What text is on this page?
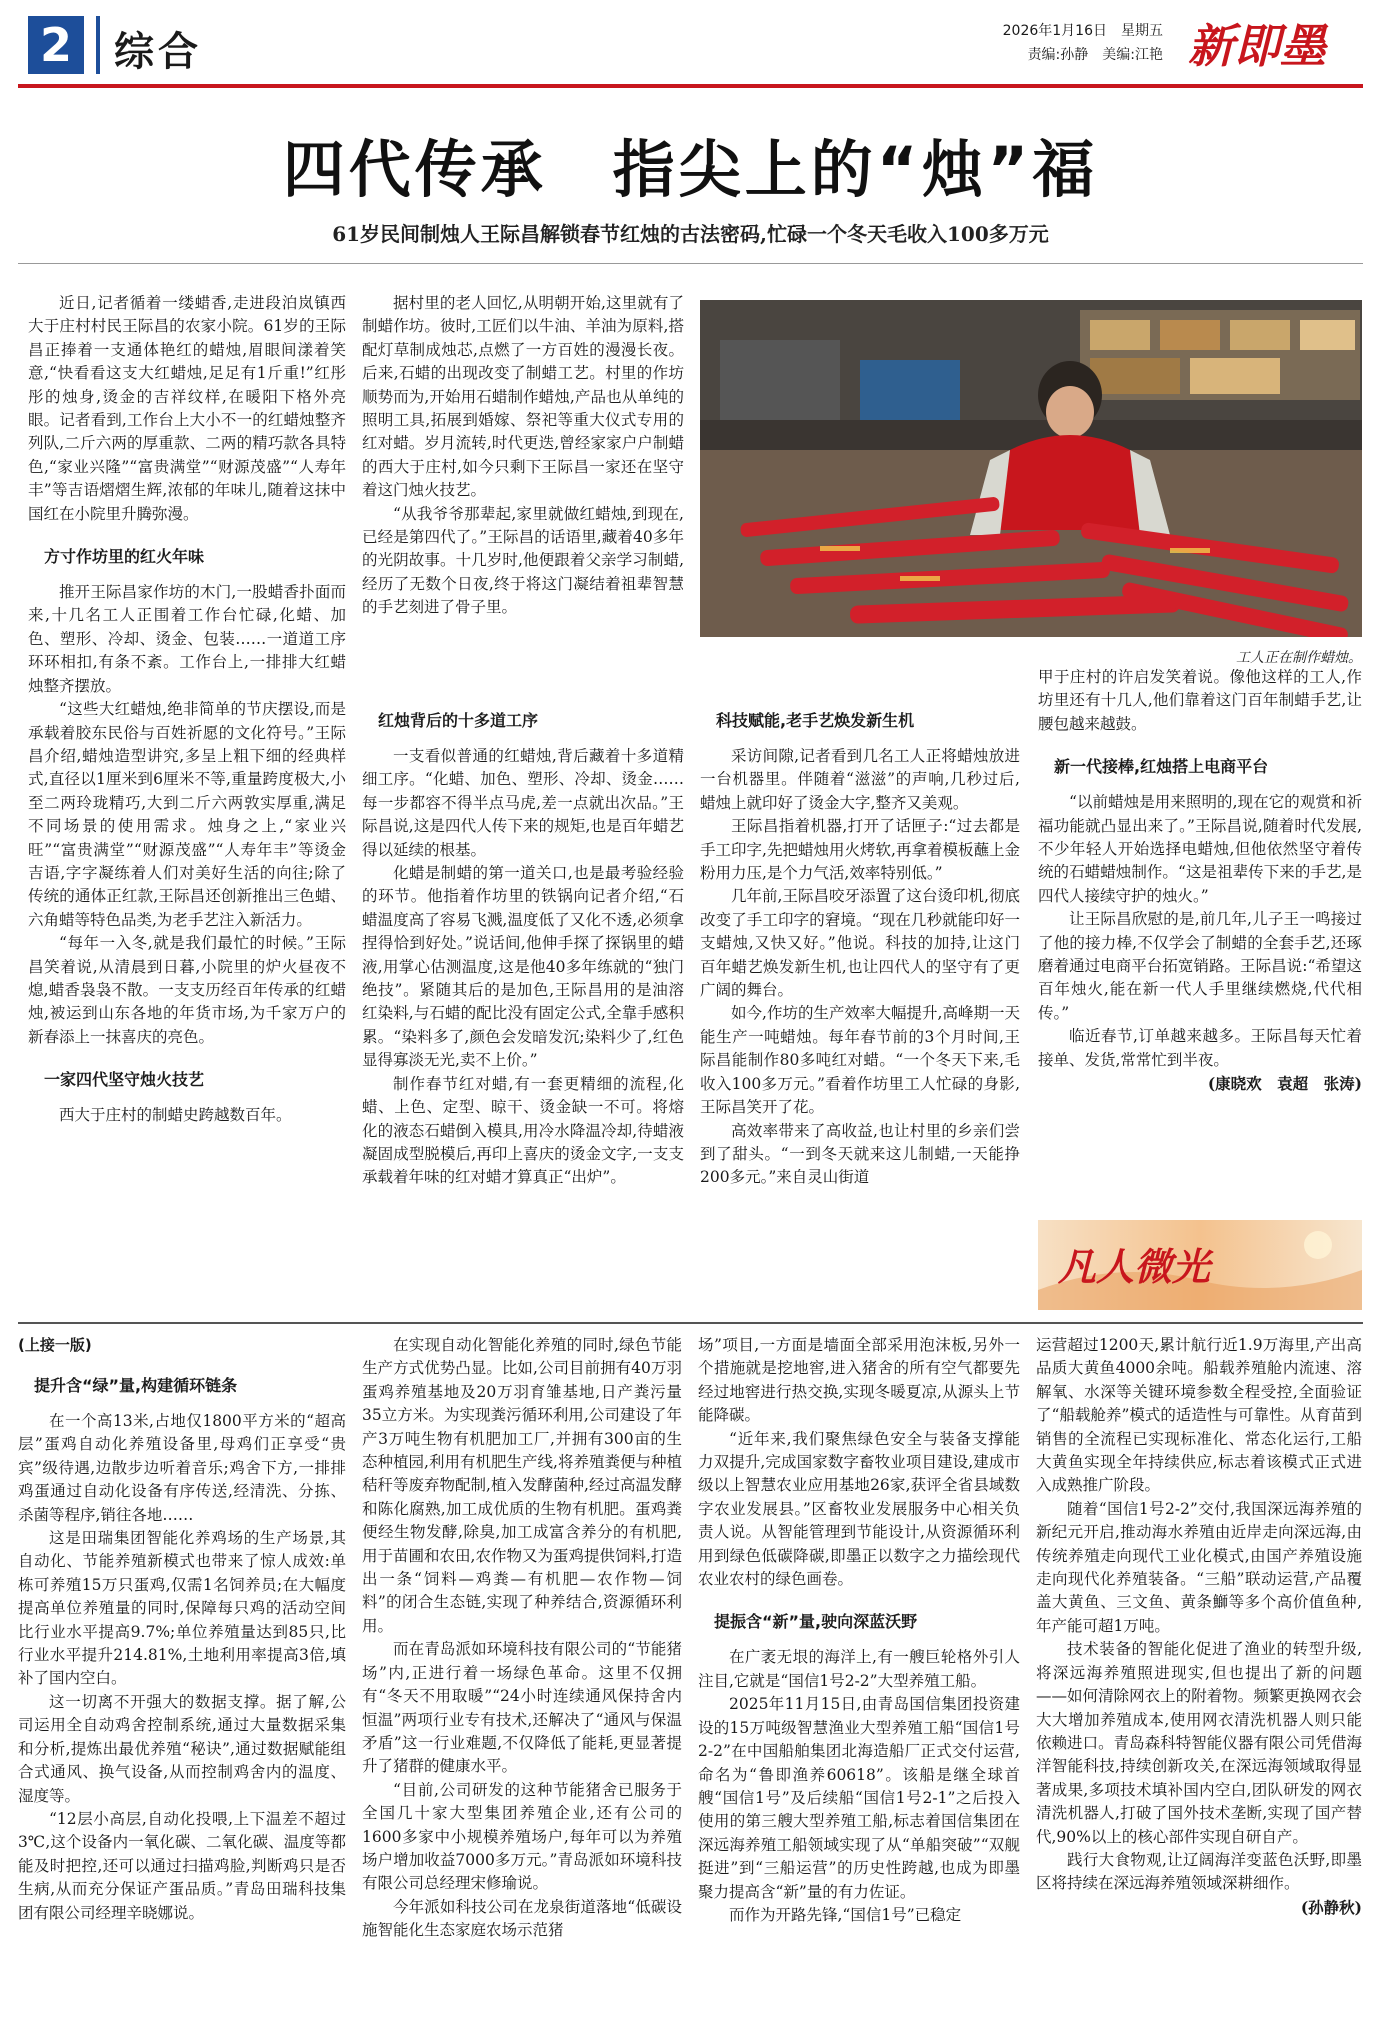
2	综合	2026年1月16日　星期五
责编:孙静　美编:江艳 新即墨
四代传承　指尖上的“烛”福
61岁民间制烛人王际昌解锁春节红烛的古法密码,忙碌一个冬天毛收入100多万元

近日,记者循着一缕蜡香,走进段泊岚镇西大于庄村村民王际昌的农家小院。61岁的王际昌正捧着一支通体艳红的蜡烛,眉眼间漾着笑意,“快看看这支大红蜡烛,足足有1斤重!”红彤彤的烛身,烫金的吉祥纹样,在暖阳下格外亮眼。记者看到,工作台上大小不一的红蜡烛整齐列队,二斤六两的厚重款、二两的精巧款各具特色,“家业兴隆”“富贵满堂”“财源茂盛”“人寿年丰”等吉语熠熠生辉,浓郁的年味儿,随着这抹中国红在小院里升腾弥漫。

方寸作坊里的红火年味

推开王际昌家作坊的木门,一股蜡香扑面而来,十几名工人正围着工作台忙碌,化蜡、加色、塑形、冷却、烫金、包装……一道道工序环环相扣,有条不紊。工作台上,一排排大红蜡烛整齐摆放。

“这些大红蜡烛,绝非简单的节庆摆设,而是承载着胶东民俗与百姓祈愿的文化符号。”王际昌介绍,蜡烛造型讲究,多呈上粗下细的经典样式,直径以1厘米到6厘米不等,重量跨度极大,小至二两玲珑精巧,大到二斤六两敦实厚重,满足不同场景的使用需求。烛身之上,“家业兴旺”“富贵满堂”“财源茂盛”“人寿年丰”等烫金吉语,字字凝练着人们对美好生活的向往;除了传统的通体正红款,王际昌还创新推出三色蜡、六角蜡等特色品类,为老手艺注入新活力。

“每年一入冬,就是我们最忙的时候。”王际昌笑着说,从清晨到日暮,小院里的炉火昼夜不熄,蜡香袅袅不散。一支支历经百年传承的红蜡烛,被运到山东各地的年货市场,为千家万户的新春添上一抹喜庆的亮色。

一家四代坚守烛火技艺

西大于庄村的制蜡史跨越数百年。

据村里的老人回忆,从明朝开始,这里就有了制蜡作坊。彼时,工匠们以牛油、羊油为原料,搭配灯草制成烛芯,点燃了一方百姓的漫漫长夜。后来,石蜡的出现改变了制蜡工艺。村里的作坊顺势而为,开始用石蜡制作蜡烛,产品也从单纯的照明工具,拓展到婚嫁、祭祀等重大仪式专用的红对蜡。岁月流转,时代更迭,曾经家家户户制蜡的西大于庄村,如今只剩下王际昌一家还在坚守着这门烛火技艺。

“从我爷爷那辈起,家里就做红蜡烛,到现在,已经是第四代了。”王际昌的话语里,藏着40多年的光阴故事。十几岁时,他便跟着父亲学习制蜡,经历了无数个日夜,终于将这门凝结着祖辈智慧的手艺刻进了骨子里。

红烛背后的十多道工序

一支看似普通的红蜡烛,背后藏着十多道精细工序。“化蜡、加色、塑形、冷却、烫金……每一步都容不得半点马虎,差一点就出次品。”王际昌说,这是四代人传下来的规矩,也是百年蜡艺得以延续的根基。

化蜡是制蜡的第一道关口,也是最考验经验的环节。他指着作坊里的铁锅向记者介绍,“石蜡温度高了容易飞溅,温度低了又化不透,必须拿捏得恰到好处。”说话间,他伸手探了探锅里的蜡液,用掌心估测温度,这是他40多年练就的“独门绝技”。紧随其后的是加色,王际昌用的是油溶红染料,与石蜡的配比没有固定公式,全靠手感积累。“染料多了,颜色会发暗发沉;染料少了,红色显得寡淡无光,卖不上价。”

制作春节红对蜡,有一套更精细的流程,化蜡、上色、定型、晾干、烫金缺一不可。将熔化的液态石蜡倒入模具,用冷水降温冷却,待蜡液凝固成型脱模后,再印上喜庆的烫金文字,一支支承载着年味的红对蜡才算真正“出炉”。

工人正在制作蜡烛。
科技赋能,老手艺焕发新生机

采访间隙,记者看到几名工人正将蜡烛放进一台机器里。伴随着“滋滋”的声响,几秒过后,蜡烛上就印好了烫金大字,整齐又美观。

王际昌指着机器,打开了话匣子:“过去都是手工印字,先把蜡烛用火烤软,再拿着模板蘸上金粉用力压,是个力气活,效率特别低。”

几年前,王际昌咬牙添置了这台烫印机,彻底改变了手工印字的窘境。“现在几秒就能印好一支蜡烛,又快又好。”他说。科技的加持,让这门百年蜡艺焕发新生机,也让四代人的坚守有了更广阔的舞台。

如今,作坊的生产效率大幅提升,高峰期一天能生产一吨蜡烛。每年春节前的3个月时间,王际昌能制作80多吨红对蜡。“一个冬天下来,毛收入100多万元。”看着作坊里工人忙碌的身影,王际昌笑开了花。

高效率带来了高收益,也让村里的乡亲们尝到了甜头。“一到冬天就来这儿制蜡,一天能挣200多元。”来自灵山街道

甲于庄村的许启发笑着说。像他这样的工人,作坊里还有十几人,他们靠着这门百年制蜡手艺,让腰包越来越鼓。

新一代接棒,红烛搭上电商平台

“以前蜡烛是用来照明的,现在它的观赏和祈福功能就凸显出来了。”王际昌说,随着时代发展,不少年轻人开始选择电蜡烛,但他依然坚守着传统的石蜡蜡烛制作。“这是祖辈传下来的手艺,是四代人接续守护的烛火。”

让王际昌欣慰的是,前几年,儿子王一鸣接过了他的接力棒,不仅学会了制蜡的全套手艺,还琢磨着通过电商平台拓宽销路。王际昌说:“希望这百年烛火,能在新一代人手里继续燃烧,代代相传。”

临近春节,订单越来越多。王际昌每天忙着接单、发货,常常忙到半夜。

(康晓欢　袁超　张涛)

凡人微光
(上接一版)
提升含“绿”量,构建循环链条

在一个高13米,占地仅1800平方米的“超高层”蛋鸡自动化养殖设备里,母鸡们正享受“贵宾”级待遇,边散步边听着音乐;鸡舍下方,一排排鸡蛋通过自动化设备有序传送,经清洗、分拣、杀菌等程序,销往各地……

这是田瑞集团智能化养鸡场的生产场景,其自动化、节能养殖新模式也带来了惊人成效:单栋可养殖15万只蛋鸡,仅需1名饲养员;在大幅度提高单位养殖量的同时,保障每只鸡的活动空间比行业水平提高9.7%;单位养殖量达到85只,比行业水平提升214.81%,土地利用率提高3倍,填补了国内空白。

这一切离不开强大的数据支撑。据了解,公司运用全自动鸡舍控制系统,通过大量数据采集和分析,提炼出最优养殖“秘诀”,通过数据赋能组合式通风、换气设备,从而控制鸡舍内的温度、湿度等。

“12层小高层,自动化投喂,上下温差不超过3℃,这个设备内一氧化碳、二氧化碳、温度等都能及时把控,还可以通过扫描鸡脸,判断鸡只是否生病,从而充分保证产蛋品质。”青岛田瑞科技集团有限公司经理辛晓娜说。

在实现自动化智能化养殖的同时,绿色节能生产方式优势凸显。比如,公司目前拥有40万羽蛋鸡养殖基地及20万羽育雏基地,日产粪污量35立方米。为实现粪污循环利用,公司建设了年产3万吨生物有机肥加工厂,并拥有300亩的生态种植园,利用有机肥生产线,将养殖粪便与种植秸秆等废弃物配制,植入发酵菌种,经过高温发酵和陈化腐熟,加工成优质的生物有机肥。蛋鸡粪便经生物发酵,除臭,加工成富含养分的有机肥,用于苗圃和农田,农作物又为蛋鸡提供饲料,打造出一条“饲料—鸡粪—有机肥—农作物—饲料”的闭合生态链,实现了种养结合,资源循环利用。

而在青岛派如环境科技有限公司的“节能猪场”内,正进行着一场绿色革命。这里不仅拥有“冬天不用取暖”“24小时连续通风保持舍内恒温”两项行业专有技术,还解决了“通风与保温矛盾”这一行业难题,不仅降低了能耗,更显著提升了猪群的健康水平。

“目前,公司研发的这种节能猪舍已服务于全国几十家大型集团养殖企业,还有公司的1600多家中小规模养殖场户,每年可以为养殖场户增加收益7000多万元。”青岛派如环境科技有限公司总经理宋修瑜说。

今年派如科技公司在龙泉街道落地“低碳设施智能化生态家庭农场示范猪

场”项目,一方面是墙面全部采用泡沫板,另外一个措施就是挖地窖,进入猪舍的所有空气都要先经过地窖进行热交换,实现冬暖夏凉,从源头上节能降碳。

“近年来,我们聚焦绿色安全与装备支撑能力双提升,完成国家数字畜牧业项目建设,建成市级以上智慧农业应用基地26家,获评全省县域数字农业发展县。”区畜牧业发展服务中心相关负责人说。从智能管理到节能设计,从资源循环利用到绿色低碳降碳,即墨正以数字之力描绘现代农业农村的绿色画卷。

提振含“新”量,驶向深蓝沃野

在广袤无垠的海洋上,有一艘巨轮格外引人注目,它就是“国信1号2-2”大型养殖工船。

2025年11月15日,由青岛国信集团投资建设的15万吨级智慧渔业大型养殖工船“国信1号2-2”在中国船舶集团北海造船厂正式交付运营,命名为“鲁即渔养60618”。该船是继全球首艘“国信1号”及后续船“国信1号2-1”之后投入使用的第三艘大型养殖工船,标志着国信集团在深远海养殖工船领域实现了从“单船突破”“双舰挺进”到“三船运营”的历史性跨越,也成为即墨聚力提高含“新”量的有力佐证。

而作为开路先锋,“国信1号”已稳定

运营超过1200天,累计航行近1.9万海里,产出高品质大黄鱼4000余吨。船载养殖舱内流速、溶解氧、水深等关键环境参数全程受控,全面验证了“船载舱养”模式的适造性与可靠性。从育苗到销售的全流程已实现标准化、常态化运行,工船大黄鱼实现全年持续供应,标志着该模式正式进入成熟推广阶段。

随着“国信1号2-2”交付,我国深远海养殖的新纪元开启,推动海水养殖由近岸走向深远海,由传统养殖走向现代工业化模式,由国产养殖设施走向现代化养殖装备。“三船”联动运营,产品覆盖大黄鱼、三文鱼、黄条鰤等多个高价值鱼种,年产能可超1万吨。

技术装备的智能化促进了渔业的转型升级,将深远海养殖照进现实,但也提出了新的问题——如何清除网衣上的附着物。频繁更换网衣会大大增加养殖成本,使用网衣清洗机器人则只能依赖进口。青岛森科特智能仪器有限公司凭借海洋智能科技,持续创新攻关,在深远海领域取得显著成果,多项技术填补国内空白,团队研发的网衣清洗机器人,打破了国外技术垄断,实现了国产替代,90%以上的核心部件实现自研自产。

践行大食物观,让辽阔海洋变蓝色沃野,即墨区将持续在深远海养殖领域深耕细作。

(孙静秋)
